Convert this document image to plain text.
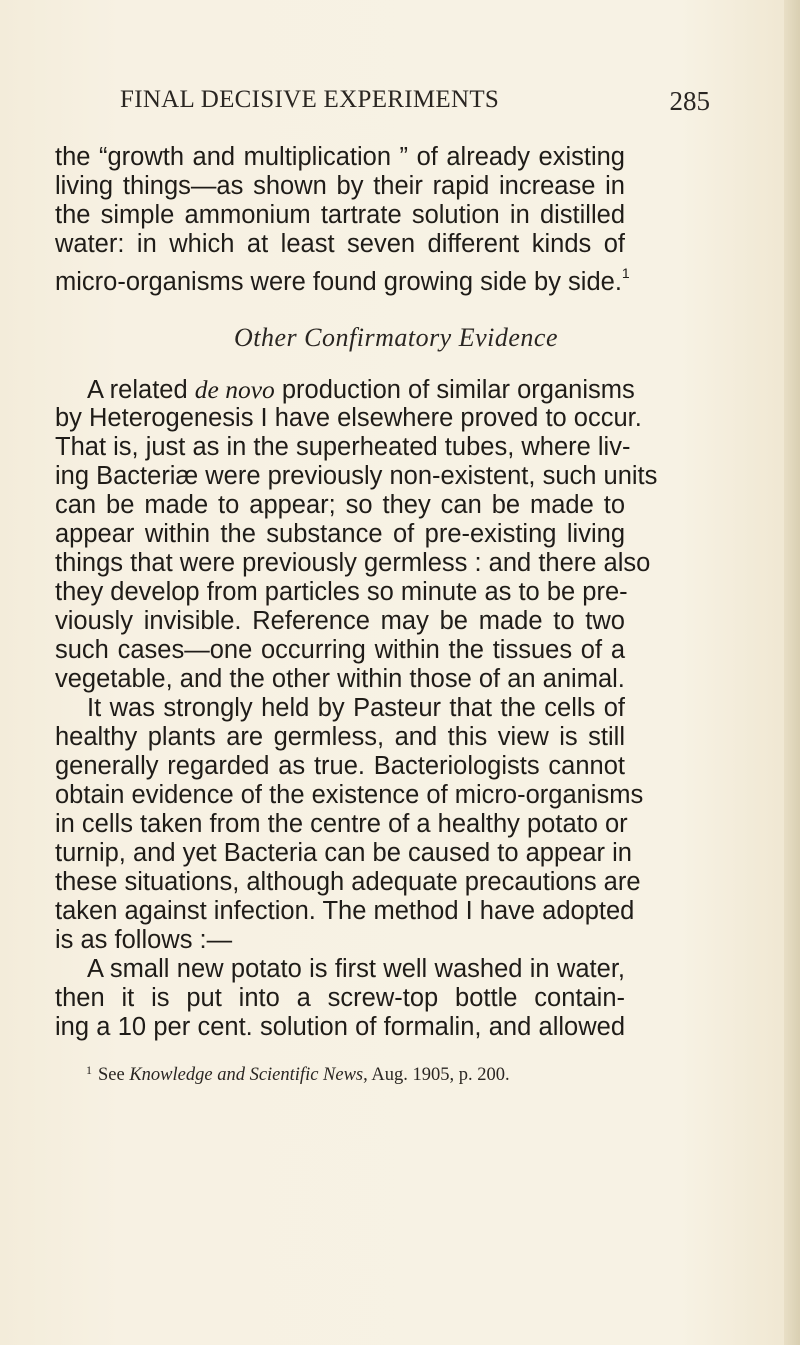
FINAL DECISIVE EXPERIMENTS	285
the “growth and multiplication ” of already existing
living things—as shown by their rapid increase in
the simple ammonium tartrate solution in distilled
water: in which at least seven different kinds of
micro-organisms were found growing side by side.$^1$
Other Confirmatory Evidence
A related de novo production of similar organisms
by Heterogenesis I have elsewhere proved to occur.
That is, just as in the superheated tubes, where liv-
ing Bacteriæ were previously non-existent, such units
can be made to appear; so they can be made to
appear within the substance of pre-existing living
things that were previously germless : and there also
they develop from particles so minute as to be pre-
viously invisible. Reference may be made to two
such cases—one occurring within the tissues of a
vegetable, and the other within those of an animal.
It was strongly held by Pasteur that the cells of
healthy plants are germless, and this view is still
generally regarded as true. Bacteriologists cannot
obtain evidence of the existence of micro-organisms
in cells taken from the centre of a healthy potato or
turnip, and yet Bacteria can be caused to appear in
these situations, although adequate precautions are
taken against infection. The method I have adopted
is as follows :—
A small new potato is first well washed in water,
then it is put into a screw-top bottle contain-
ing a 10 per cent. solution of formalin, and allowed
$^1$ See Knowledge and Scientific News, Aug. 1905, p. 200.
